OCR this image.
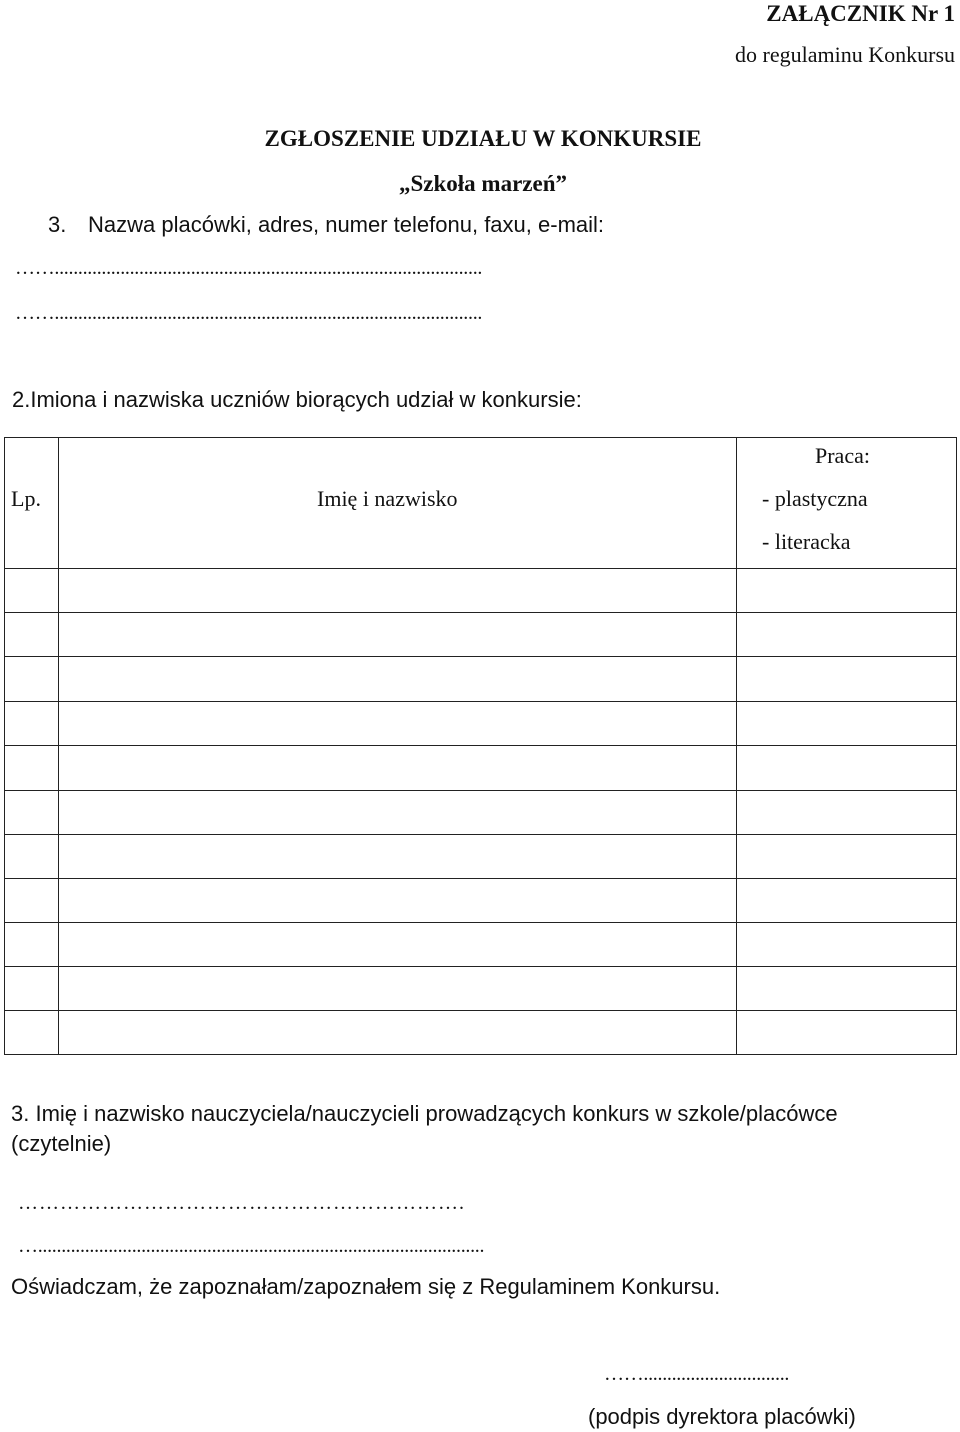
ZAŁĄCZNIK Nr 1
do regulaminu Konkursu
ZGŁOSZENIE UDZIAŁU W KONKURSIE
„Szkoła marzeń”
3. Nazwa placówki, adres, numer telefonu, faxu, e-mail:
……...........................................................................................
……...........................................................................................
2.Imiona i nazwiska uczniów biorących udział w konkursie:
Lp.	Imię i nazwisko
Praca:
- plastyczna
- literacka
3. Imię i nazwisko nauczyciela/nauczycieli prowadzących konkurs w szkole/placówce
(czytelnie)
……………………………………………………….
…...............................................................................................
Oświadczam, że zapoznałam/zapoznałem się z Regulaminem Konkursu.
……...............................
(podpis dyrektora placówki)
